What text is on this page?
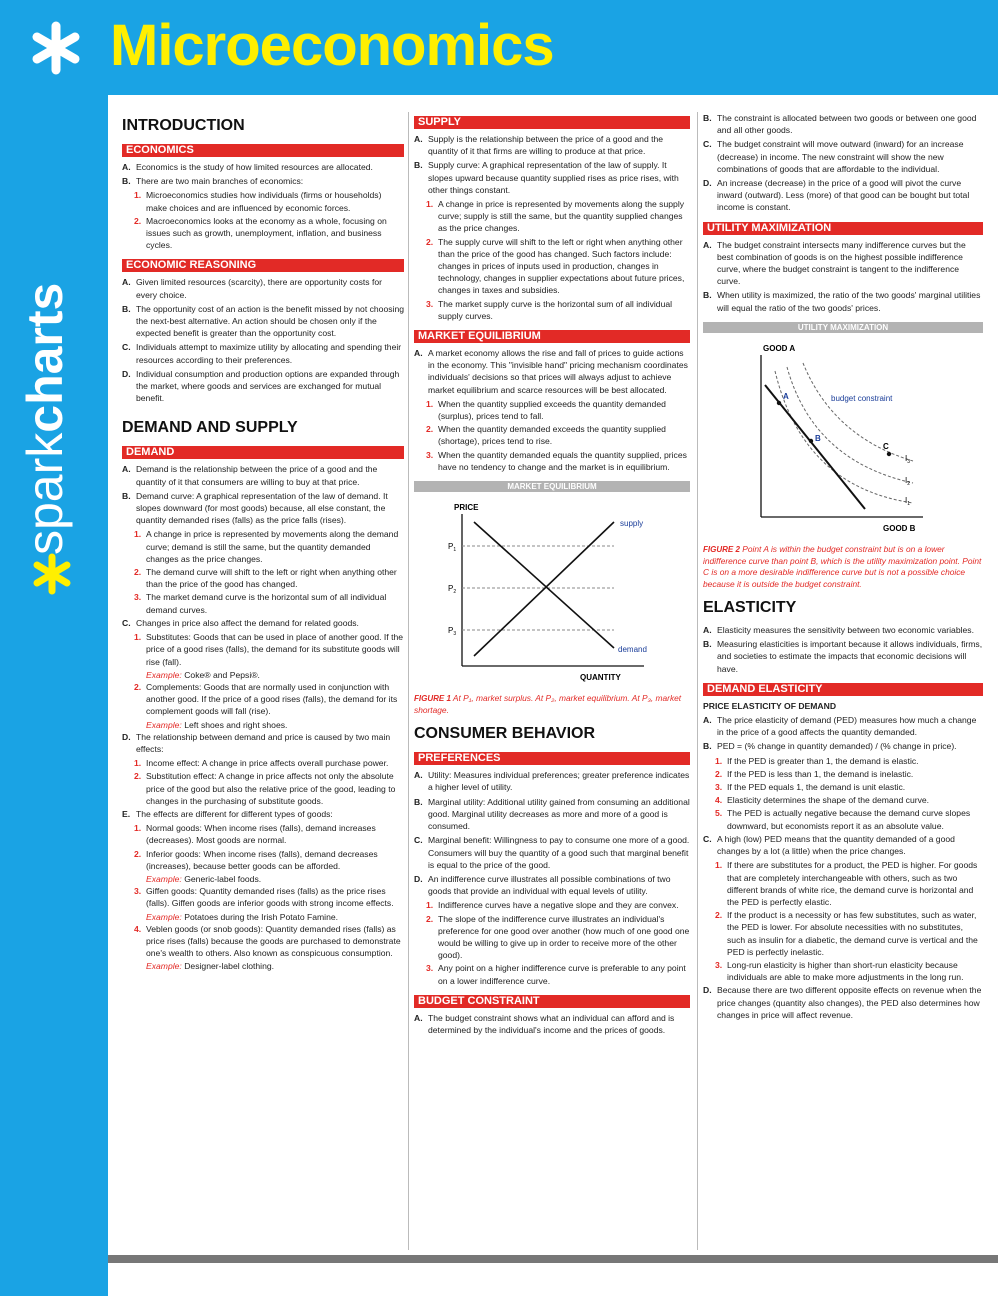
Microeconomics
sparkcharts
INTRODUCTION
ECONOMICS
A. Economics is the study of how limited resources are allocated.
B. There are two main branches of economics:
1. Microeconomics studies how individuals (firms or households) make choices and are influenced by economic forces.
2. Macroeconomics looks at the economy as a whole, focusing on issues such as growth, unemployment, inflation, and business cycles.
ECONOMIC REASONING
A. Given limited resources (scarcity), there are opportunity costs for every choice.
B. The opportunity cost of an action is the benefit missed by not choosing the next-best alternative. An action should be chosen only if the expected benefit is greater than the opportunity cost.
C. Individuals attempt to maximize utility by allocating and spending their resources according to their preferences.
D. Individual consumption and production options are expanded through the market, where goods and services are exchanged for mutual benefit.
DEMAND AND SUPPLY
DEMAND
A. Demand is the relationship between the price of a good and the quantity of it that consumers are willing to buy at that price.
B. Demand curve: A graphical representation of the law of demand. It slopes downward (for most goods) because, all else constant, the quantity demanded rises (falls) as the price falls (rises).
1. A change in price is represented by movements along the demand curve; demand is still the same, but the quantity demanded changes as the price changes.
2. The demand curve will shift to the left or right when anything other than the price of the good has changed.
3. The market demand curve is the horizontal sum of all individual demand curves.
C. Changes in price also affect the demand for related goods.
1. Substitutes: Goods that can be used in place of another good. If the price of a good rises (falls), the demand for its substitute goods will rise (fall).
Example: Coke® and Pepsi®.
2. Complements: Goods that are normally used in conjunction with another good. If the price of a good rises (falls), the demand for its complement goods will fall (rise).
Example: Left shoes and right shoes.
D. The relationship between demand and price is caused by two main effects:
1. Income effect: A change in price affects overall purchase power.
2. Substitution effect: A change in price affects not only the absolute price of the good but also the relative price of the good, leading to changes in the purchasing of substitute goods.
E. The effects are different for different types of goods:
1. Normal goods: When income rises (falls), demand increases (decreases). Most goods are normal.
2. Inferior goods: When income rises (falls), demand decreases (increases), because better goods can be afforded.
Example: Generic-label foods.
3. Giffen goods: Quantity demanded rises (falls) as the price rises (falls). Giffen goods are inferior goods with strong income effects.
Example: Potatoes during the Irish Potato Famine.
4. Veblen goods (or snob goods): Quantity demanded rises (falls) as price rises (falls) because the goods are purchased to demonstrate one's wealth to others. Also known as conspicuous consumption.
Example: Designer-label clothing.
SUPPLY
A. Supply is the relationship between the price of a good and the quantity of it that firms are willing to produce at that price.
B. Supply curve: A graphical representation of the law of supply. It slopes upward because quantity supplied rises as price rises, with other things constant.
1. A change in price is represented by movements along the supply curve; supply is still the same, but the quantity supplied changes as the price changes.
2. The supply curve will shift to the left or right when anything other than the price of the good has changed. Such factors include: changes in prices of inputs used in production, changes in technology, changes in supplier expectations about future prices, changes in taxes and subsidies.
3. The market supply curve is the horizontal sum of all individual supply curves.
MARKET EQUILIBRIUM
A. A market economy allows the rise and fall of prices to guide actions in the economy. This "invisible hand" pricing mechanism coordinates individuals' decisions so that prices will always adjust to achieve market equilibrium and scarce resources will be best allocated.
1. When the quantity supplied exceeds the quantity demanded (surplus), prices tend to fall.
2. When the quantity demanded exceeds the quantity supplied (shortage), prices tend to rise.
3. When the quantity demanded equals the quantity supplied, prices have no tendency to change and the market is in equilibrium.
MARKET EQUILIBRIUM
PRICE
QUANTITY
$P_1$
$P_2$
$P_3$
supply
demand
FIGURE 1 At P₁, market surplus. At P₂, market equilibrium. At P₃, market shortage.
CONSUMER BEHAVIOR
PREFERENCES
A. Utility: Measures individual preferences; greater preference indicates a higher level of utility.
B. Marginal utility: Additional utility gained from consuming an additional good. Marginal utility decreases as more and more of a good is consumed.
C. Marginal benefit: Willingness to pay to consume one more of a good. Consumers will buy the quantity of a good such that marginal benefit is equal to the price of the good.
D. An indifference curve illustrates all possible combinations of two goods that provide an individual with equal levels of utility.
1. Indifference curves have a negative slope and they are convex.
2. The slope of the indifference curve illustrates an individual's preference for one good over another (how much of one good one would be willing to give up in order to receive more of the other good).
3. Any point on a higher indifference curve is preferable to any point on a lower indifference curve.
BUDGET CONSTRAINT
A. The budget constraint shows what an individual can afford and is determined by the individual's income and the prices of goods.
B. The constraint is allocated between two goods or between one good and all other goods.
C. The budget constraint will move outward (inward) for an increase (decrease) in income. The new constraint will show the new combinations of goods that are affordable to the individual.
D. An increase (decrease) in the price of a good will pivot the curve inward (outward). Less (more) of that good can be bought but total income is constant.
UTILITY MAXIMIZATION
A. The budget constraint intersects many indifference curves but the best combination of goods is on the highest possible indifference curve, where the budget constraint is tangent to the indifference curve.
B. When utility is maximized, the ratio of the two goods' marginal utilities will equal the ratio of the two goods' prices.
UTILITY MAXIMIZATION
GOOD A
GOOD B
budget constraint
A
B
C
$I_3$
$I_2$
$I_1$
FIGURE 2 Point A is within the budget constraint but is on a lower indifference curve than point B, which is the utility maximization point. Point C is on a more desirable indifference curve but is not a possible choice because it is outside the budget constraint.
ELASTICITY
A. Elasticity measures the sensitivity between two economic variables.
B. Measuring elasticities is important because it allows individuals, firms, and societies to estimate the impacts that economic decisions will have.
DEMAND ELASTICITY
PRICE ELASTICITY OF DEMAND
A. The price elasticity of demand (PED) measures how much a change in the price of a good affects the quantity demanded.
B. PED = (% change in quantity demanded) / (% change in price).
1. If the PED is greater than 1, the demand is elastic.
2. If the PED is less than 1, the demand is inelastic.
3. If the PED equals 1, the demand is unit elastic.
4. Elasticity determines the shape of the demand curve.
5. The PED is actually negative because the demand curve slopes downward, but economists report it as an absolute value.
C. A high (low) PED means that the quantity demanded of a good changes by a lot (a little) when the price changes.
1. If there are substitutes for a product, the PED is higher. For goods that are completely interchangeable with others, such as two different brands of white rice, the demand curve is horizontal and the PED is perfectly elastic.
2. If the product is a necessity or has few substitutes, such as water, the PED is lower. For absolute necessities with no substitutes, such as insulin for a diabetic, the demand curve is vertical and the PED is perfectly inelastic.
3. Long-run elasticity is higher than short-run elasticity because individuals are able to make more adjustments in the long run.
D. Because there are two different opposite effects on revenue when the price changes (quantity also changes), the PED also determines how changes in price will affect revenue.
